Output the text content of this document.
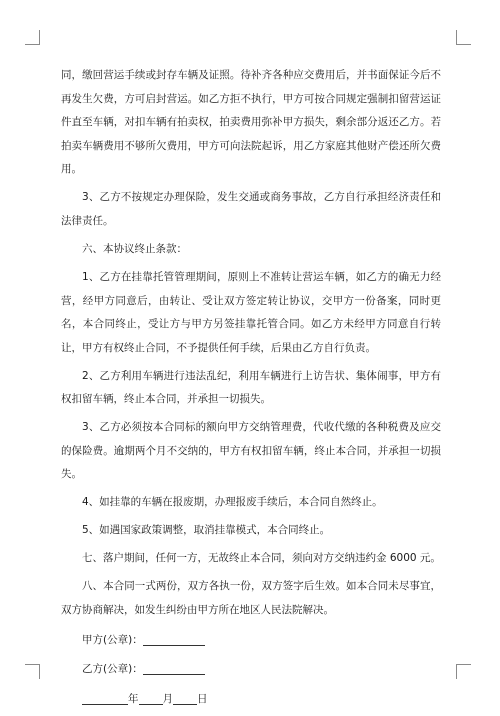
同，缴回营运手续或封存车辆及证照。待补齐各种应交费用后，并书面保证今后不再发生欠费，方可启封营运。如乙方拒不执行，甲方可按合同规定强制扣留营运证件直至车辆，对扣车辆有拍卖权，拍卖费用弥补甲方损失，剩余部分返还乙方。若拍卖车辆费用不够所欠费用，甲方可向法院起诉，用乙方家庭其他财产偿还所欠费用。

3、乙方不按规定办理保险，发生交通或商务事故，乙方自行承担经济责任和法律责任。

六、本协议终止条款：

1、乙方在挂靠托管管理期间，原则上不准转让营运车辆，如乙方的确无力经营，经甲方同意后，由转让、受让双方签定转让协议，交甲方一份备案，同时更名，本合同终止，受让方与甲方另签挂靠托管合同。如乙方未经甲方同意自行转让，甲方有权终止合同，不予提供任何手续，后果由乙方自行负责。

2、乙方利用车辆进行违法乱纪，利用车辆进行上访告状、集体闹事，甲方有权扣留车辆，终止本合同，并承担一切损失。

3、乙方必须按本合同标的额向甲方交纳管理费，代收代缴的各种税费及应交的保险费。逾期两个月不交纳的，甲方有权扣留车辆，终止本合同，并承担一切损失。

4、如挂靠的车辆在报废期，办理报废手续后，本合同自然终止。

5、如遇国家政策调整，取消挂靠模式，本合同终止。

七、落户期间，任何一方，无故终止本合同，须向对方交纳违约金 6000 元。

八、本合同一式两份，双方各执一份，双方签字后生效。如本合同未尽事宜，双方协商解决，如发生纠纷由甲方所在地区人民法院解决。

甲方(公章)：

乙方(公章)：

年 月 日
